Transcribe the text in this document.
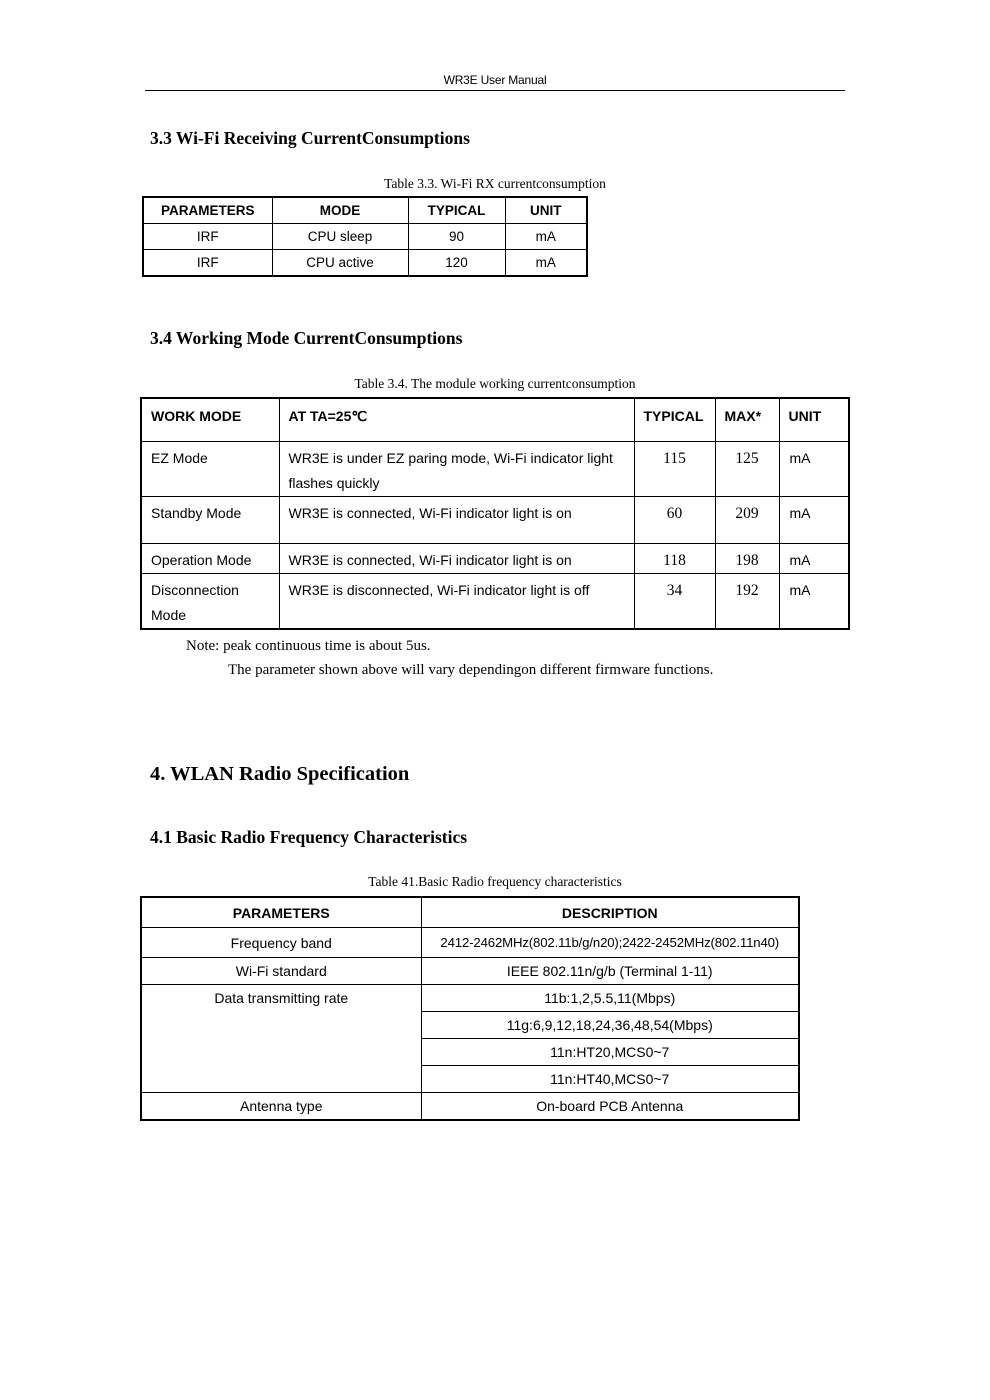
WR3E User Manual
3.3 Wi-Fi Receiving CurrentConsumptions
Table 3.3. Wi-Fi RX currentconsumption
PARAMETERS	MODE	TYPICAL	UNIT
IRF	CPU sleep	90	mA
IRF	CPU active	120	mA
3.4 Working Mode CurrentConsumptions
Table 3.4. The module working currentconsumption
WORK MODE	AT TA=25℃	TYPICAL	MAX*	UNIT
EZ Mode	WR3E is under EZ paring mode, Wi-Fi indicator light flashes quickly	115	125	mA
Standby Mode	WR3E is connected, Wi-Fi indicator light is on	60	209	mA
Operation Mode	WR3E is connected, Wi-Fi indicator light is on	118	198	mA
Disconnection Mode	WR3E is disconnected, Wi-Fi indicator light is off	34	192	mA
Note: peak continuous time is about 5us.
The parameter shown above will vary dependingon different firmware functions.
4. WLAN Radio Specification
4.1 Basic Radio Frequency Characteristics
Table 41.Basic Radio frequency characteristics
PARAMETERS	DESCRIPTION
Frequency band	2412-2462MHz(802.11b/g/n20);2422-2452MHz(802.11n40)
Wi-Fi standard	IEEE 802.11n/g/b (Terminal 1-11)
Data transmitting rate	11b:1,2,5.5,11(Mbps)
	11g:6,9,12,18,24,36,48,54(Mbps)
	11n:HT20,MCS0~7
	11n:HT40,MCS0~7
Antenna type	On-board PCB Antenna
